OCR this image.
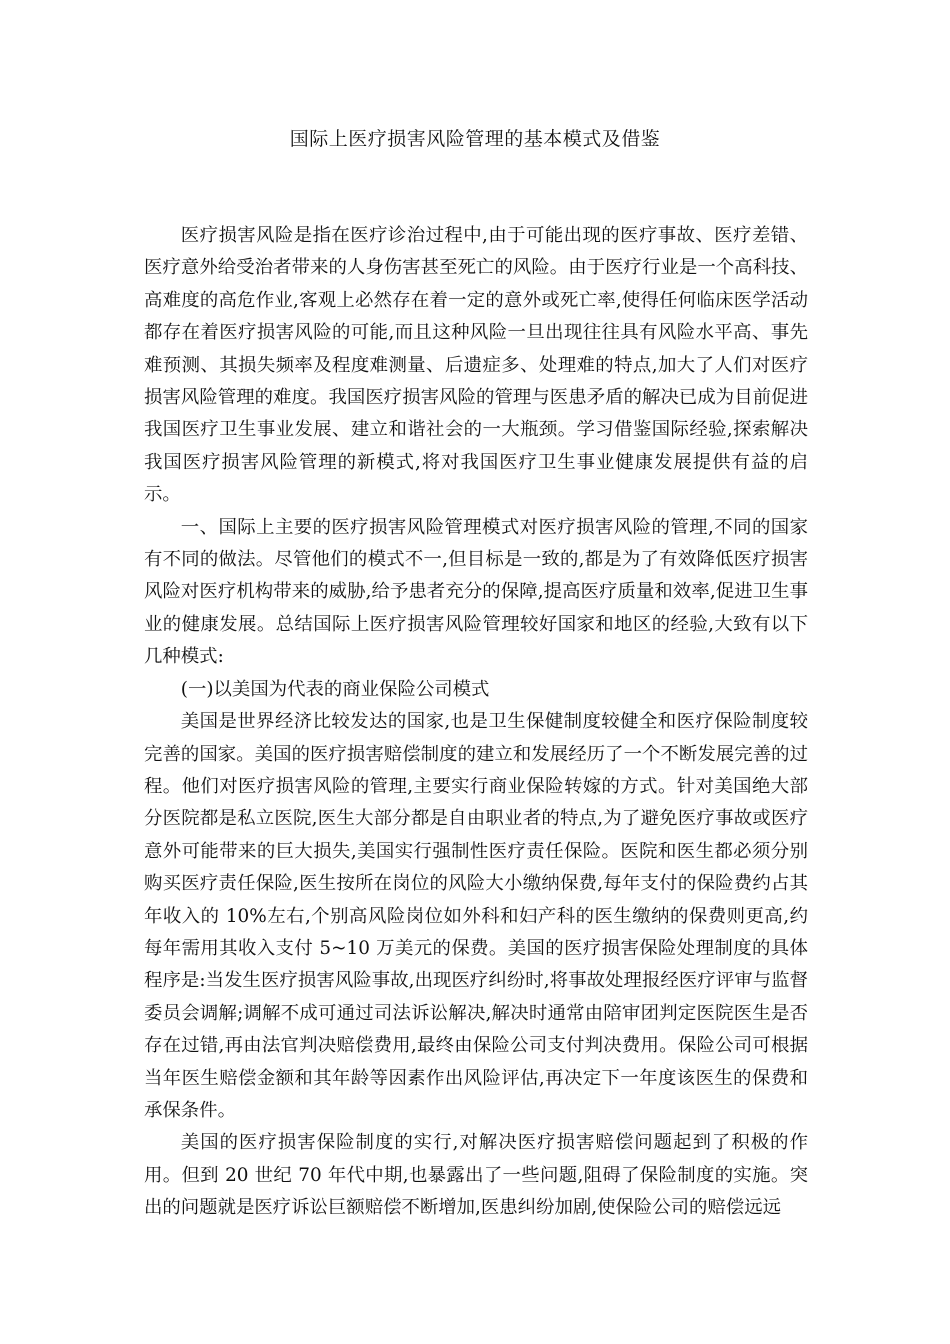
国际上医疗损害风险管理的基本模式及借鉴

医疗损害风险是指在医疗诊治过程中,由于可能出现的医疗事故、医疗差错、医疗意外给受治者带来的人身伤害甚至死亡的风险。由于医疗行业是一个高科技、高难度的高危作业,客观上必然存在着一定的意外或死亡率,使得任何临床医学活动都存在着医疗损害风险的可能,而且这种风险一旦出现往往具有风险水平高、事先难预测、其损失频率及程度难测量、后遗症多、处理难的特点,加大了人们对医疗损害风险管理的难度。我国医疗损害风险的管理与医患矛盾的解决已成为目前促进我国医疗卫生事业发展、建立和谐社会的一大瓶颈。学习借鉴国际经验,探索解决我国医疗损害风险管理的新模式,将对我国医疗卫生事业健康发展提供有益的启示。

一、国际上主要的医疗损害风险管理模式对医疗损害风险的管理,不同的国家有不同的做法。尽管他们的模式不一,但目标是一致的,都是为了有效降低医疗损害风险对医疗机构带来的威胁,给予患者充分的保障,提高医疗质量和效率,促进卫生事业的健康发展。总结国际上医疗损害风险管理较好国家和地区的经验,大致有以下几种模式:

(一)以美国为代表的商业保险公司模式

美国是世界经济比较发达的国家,也是卫生保健制度较健全和医疗保险制度较完善的国家。美国的医疗损害赔偿制度的建立和发展经历了一个不断发展完善的过程。他们对医疗损害风险的管理,主要实行商业保险转嫁的方式。针对美国绝大部分医院都是私立医院,医生大部分都是自由职业者的特点,为了避免医疗事故或医疗意外可能带来的巨大损失,美国实行强制性医疗责任保险。医院和医生都必须分别购买医疗责任保险,医生按所在岗位的风险大小缴纳保费,每年支付的保险费约占其年收入的 10%左右,个别高风险岗位如外科和妇产科的医生缴纳的保费则更高,约每年需用其收入支付 5~10 万美元的保费。美国的医疗损害保险处理制度的具体程序是:当发生医疗损害风险事故,出现医疗纠纷时,将事故处理报经医疗评审与监督委员会调解;调解不成可通过司法诉讼解决,解决时通常由陪审团判定医院医生是否存在过错,再由法官判决赔偿费用,最终由保险公司支付判决费用。保险公司可根据当年医生赔偿金额和其年龄等因素作出风险评估,再决定下一年度该医生的保费和承保条件。

美国的医疗损害保险制度的实行,对解决医疗损害赔偿问题起到了积极的作用。但到 20 世纪 70 年代中期,也暴露出了一些问题,阻碍了保险制度的实施。突出的问题就是医疗诉讼巨额赔偿不断增加,医患纠纷加剧,使保险公司的赔偿远远
